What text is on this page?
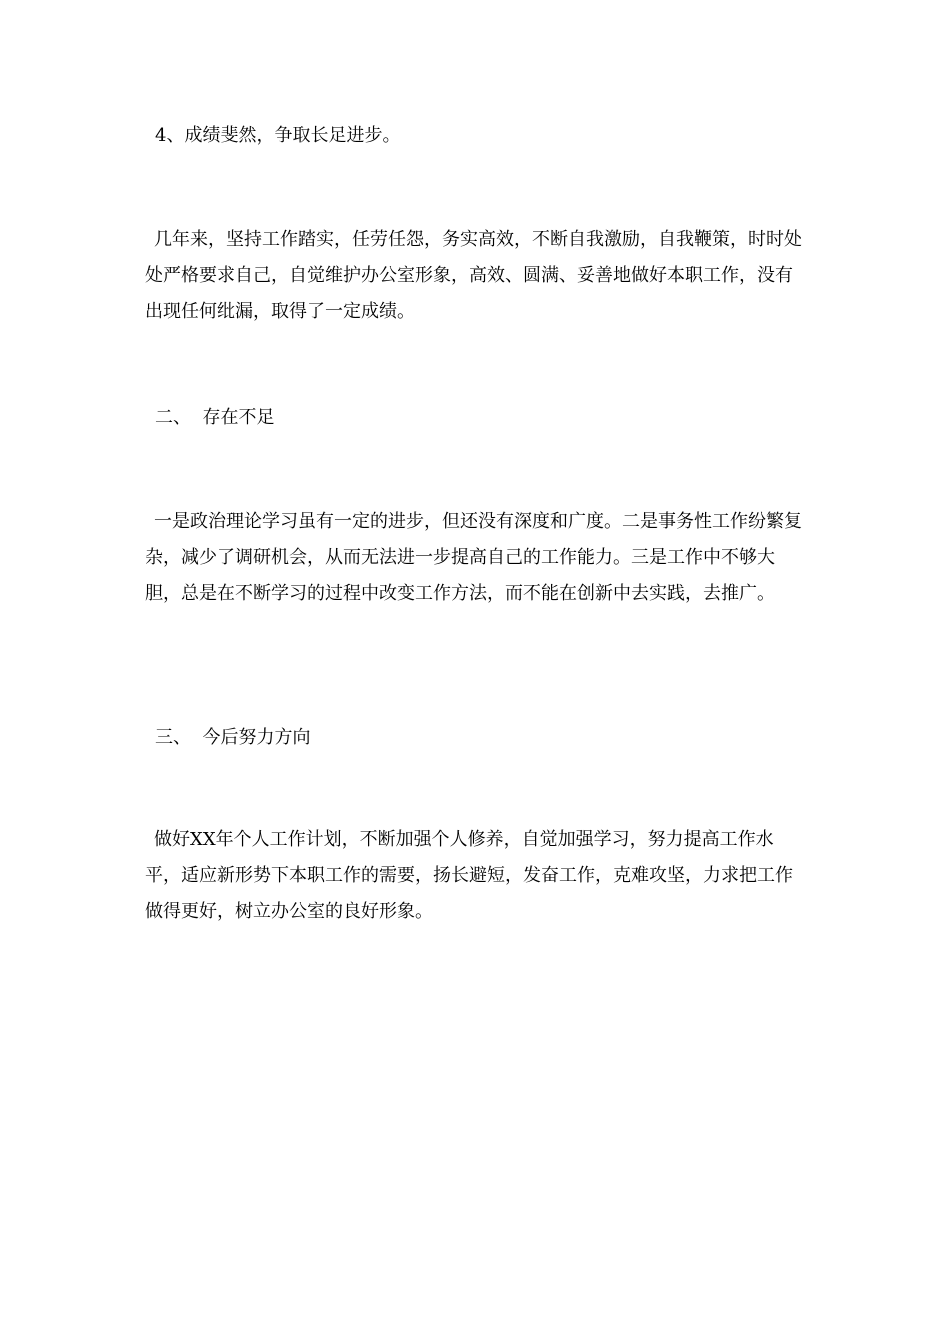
4、成绩斐然，争取长足进步。
几年来，坚持工作踏实，任劳任怨，务实高效，不断自我激励，自我鞭策，时时处处严格要求自己，自觉维护办公室形象，高效、圆满、妥善地做好本职工作，没有出现任何纰漏，取得了一定成绩。
二、  存在不足
一是政治理论学习虽有一定的进步，但还没有深度和广度。二是事务性工作纷繁复杂，减少了调研机会，从而无法进一步提高自己的工作能力。三是工作中不够大胆，总是在不断学习的过程中改变工作方法，而不能在创新中去实践，去推广。
三、  今后努力方向
做好XX年个人工作计划，不断加强个人修养，自觉加强学习，努力提高工作水平，适应新形势下本职工作的需要，扬长避短，发奋工作，克难攻坚，力求把工作做得更好，树立办公室的良好形象。
